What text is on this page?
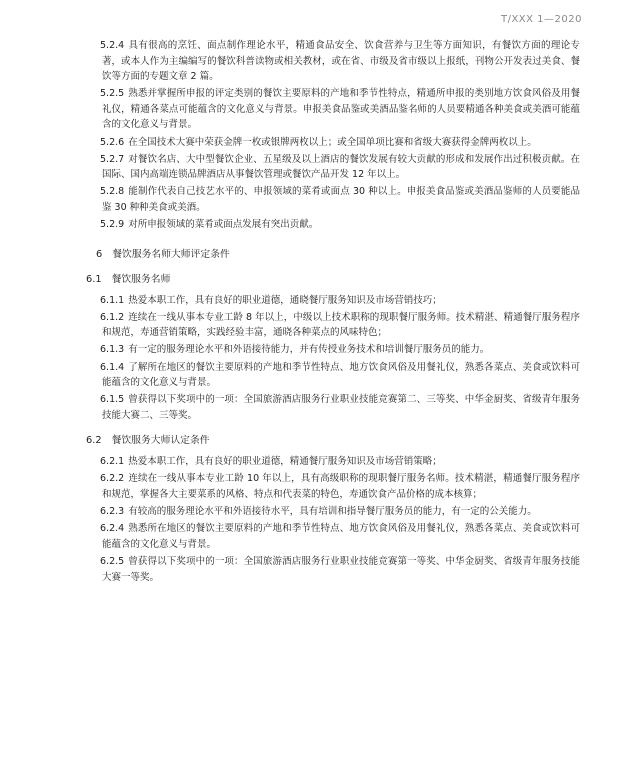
T/XXX 1—2020

5.2.4 具有很高的烹饪、面点制作理论水平，精通食品安全、饮食营养与卫生等方面知识，有餐饮方面的理论专著，或本人作为主编编写的餐饮科普读物或相关教材，或在省、市级及省市级以上报纸，刊物公开发表过美食、餐饮等方面的专题文章 2 篇。

5.2.5 熟悉并掌握所申报的评定类别的餐饮主要原料的产地和季节性特点，精通所申报的类别地方饮食风俗及用餐礼仪，精通各菜点可能蕴含的文化意义与背景。申报美食品鉴或美酒品鉴名师的人员要精通各种美食或美酒可能蕴含的文化意义与背景。

5.2.6 在全国技术大赛中荣获金牌一枚或银牌两枚以上；或全国单项比赛和省级大赛获得金牌两枚以上。

5.2.7 对餐饮名店、大中型餐饮企业、五星级及以上酒店的餐饮发展有较大贡献的形成和发展作出过积极贡献。在国际、国内高端连锁品牌酒店从事餐饮管理或餐饮产品开发 12 年以上。

5.2.8 能制作代表自己技艺水平的、申报领域的菜肴或面点 30 种以上。申报美食品鉴或美酒品鉴师的人员要能品鉴 30 种种美食或美酒。

5.2.9 对所申报领域的菜肴或面点发展有突出贡献。

6 餐饮服务名师大师评定条件
6.1 餐饮服务名师

6.1.1 热爱本职工作，具有良好的职业道德，通晓餐厅服务知识及市场营销技巧；

6.1.2 连续在一线从事本专业工龄 8 年以上，中级以上技术职称的现职餐厅服务师。技术精湛、精通餐厅服务程序和规范，寿通营销策略，实践经验丰富，通晓各种菜点的风味特色；

6.1.3 有一定的服务理论水平和外语接待能力，并有传授业务技术和培训餐厅服务员的能力。

6.1.4 了解所在地区的餐饮主要原料的产地和季节性特点、地方饮食风俗及用餐礼仪，熟悉各菜点、美食或饮料可能蕴含的文化意义与背景。

6.1.5 曾获得以下奖项中的一项：全国旅游酒店服务行业职业技能竞赛第二、三等奖、中华金厨奖、省级青年服务技能大赛二、三等奖。

6.2 餐饮服务大师认定条件

6.2.1 热爱本职工作，具有良好的职业道德，精通餐厅服务知识及市场营销策略；

6.2.2 连续在一线从事本专业工龄 10 年以上，具有高级职称的现职餐厅服务名师。技术精湛，精通餐厅服务程序和规范，掌握各大主要菜系的风格、特点和代表菜的特色，寿通饮食产品价格的成本核算；

6.2.3 有较高的服务理论水平和外语接待水平，具有培训和指导餐厅服务员的能力，有一定的公关能力。

6.2.4 熟悉所在地区的餐饮主要原料的产地和季节性特点、地方饮食风俗及用餐礼仪，熟悉各菜点、美食或饮料可能蕴含的文化意义与背景。

6.2.5 曾获得以下奖项中的一项：全国旅游酒店服务行业职业技能竞赛第一等奖、中华金厨奖、省级青年服务技能大赛一等奖。
